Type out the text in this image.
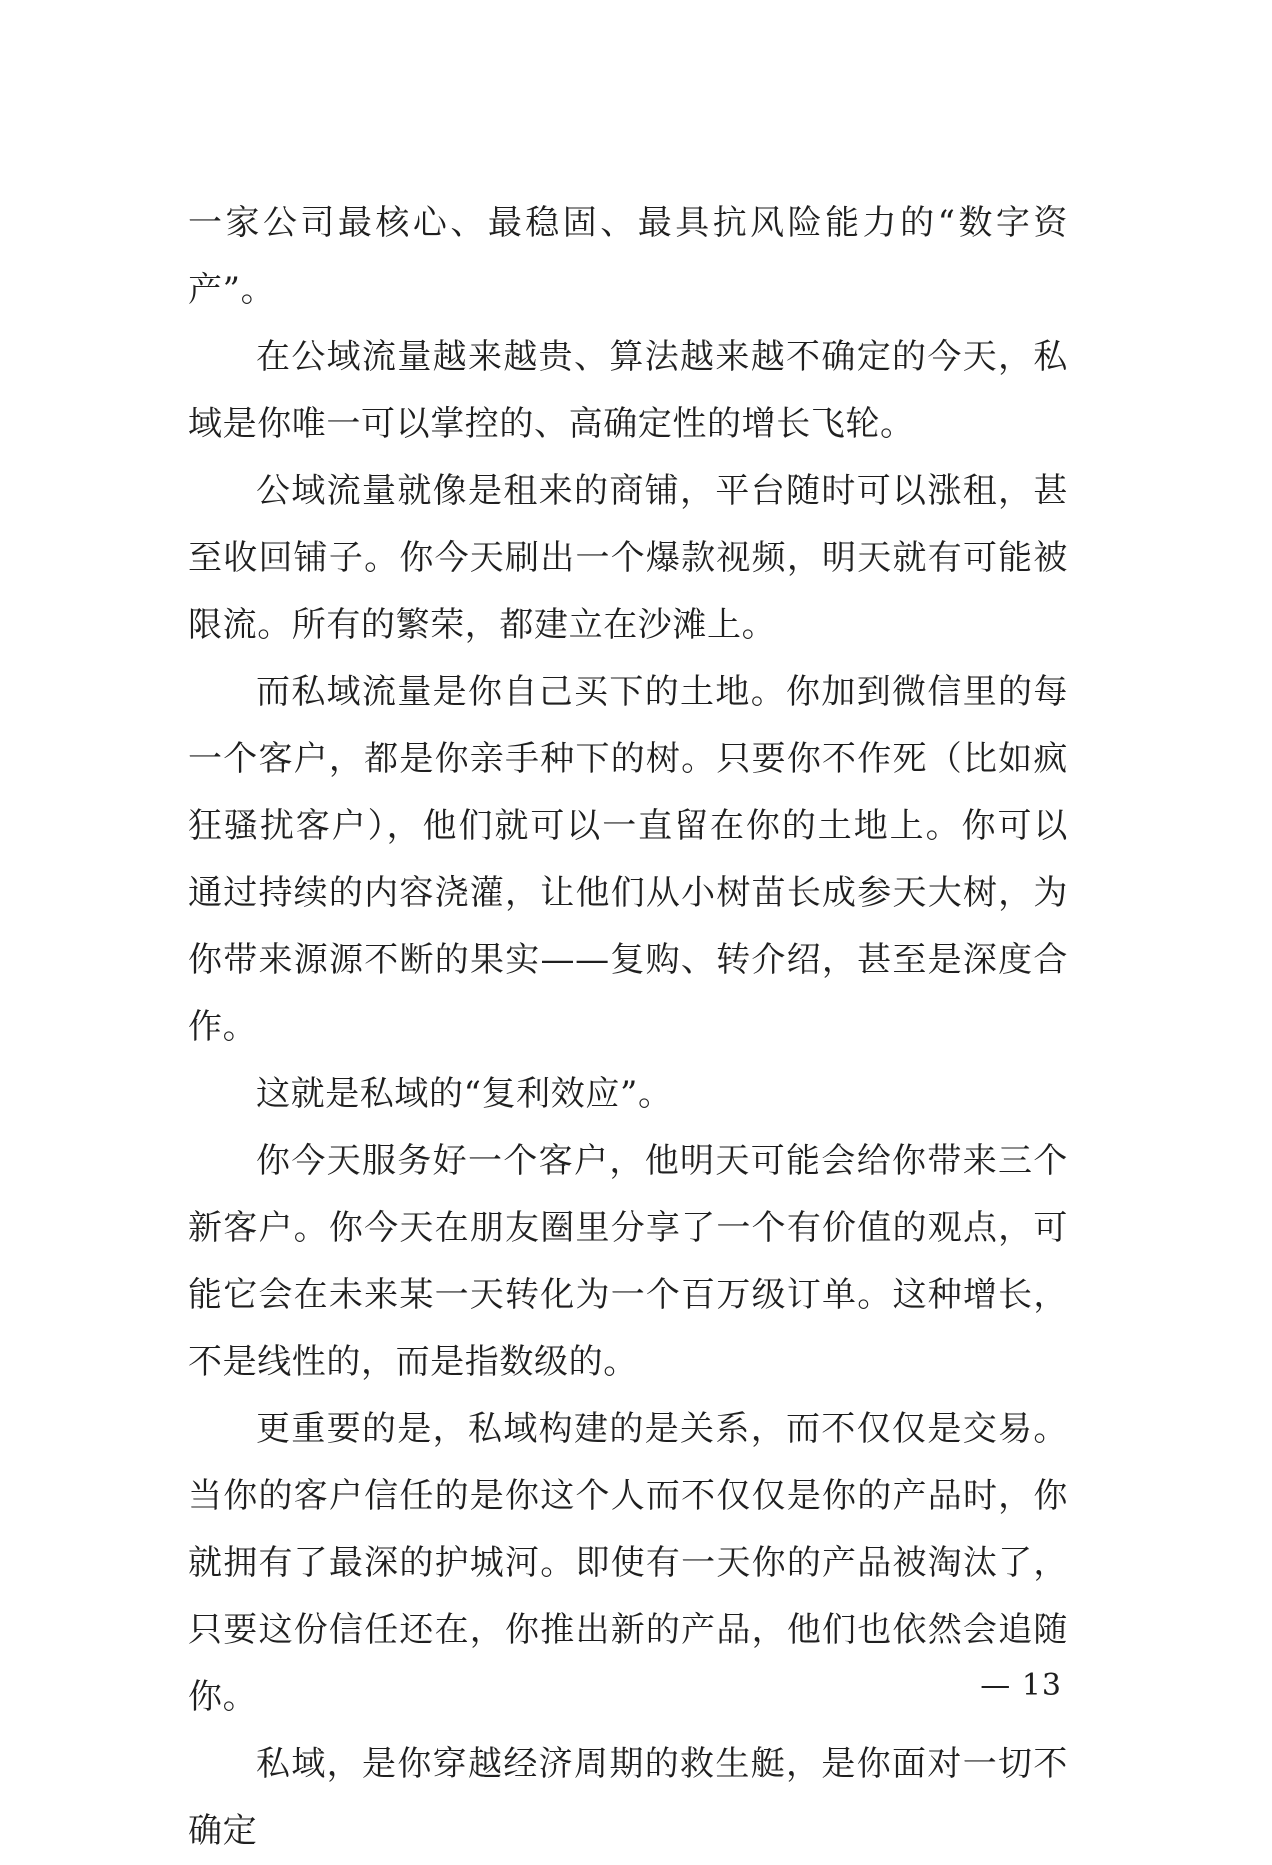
一家公司最核心、最稳固、最具抗风险能力的“数字资产”。

在公域流量越来越贵、算法越来越不确定的今天，私域是你唯一可以掌控的、高确定性的增长飞轮。

公域流量就像是租来的商铺，平台随时可以涨租，甚至收回铺子。你今天刷出一个爆款视频，明天就有可能被限流。所有的繁荣，都建立在沙滩上。

而私域流量是你自己买下的土地。你加到微信里的每一个客户，都是你亲手种下的树。只要你不作死（比如疯狂骚扰客户），他们就可以一直留在你的土地上。你可以通过持续的内容浇灌，让他们从小树苗长成参天大树，为你带来源源不断的果实——复购、转介绍，甚至是深度合作。

这就是私域的“复利效应”。

你今天服务好一个客户，他明天可能会给你带来三个新客户。你今天在朋友圈里分享了一个有价值的观点，可能它会在未来某一天转化为一个百万级订单。这种增长，不是线性的，而是指数级的。

更重要的是，私域构建的是关系，而不仅仅是交易。当你的客户信任的是你这个人而不仅仅是你的产品时，你就拥有了最深的护城河。即使有一天你的产品被淘汰了，只要这份信任还在，你推出新的产品，他们也依然会追随你。

私域，是你穿越经济周期的救生艇，是你面对一切不确定

— 13
